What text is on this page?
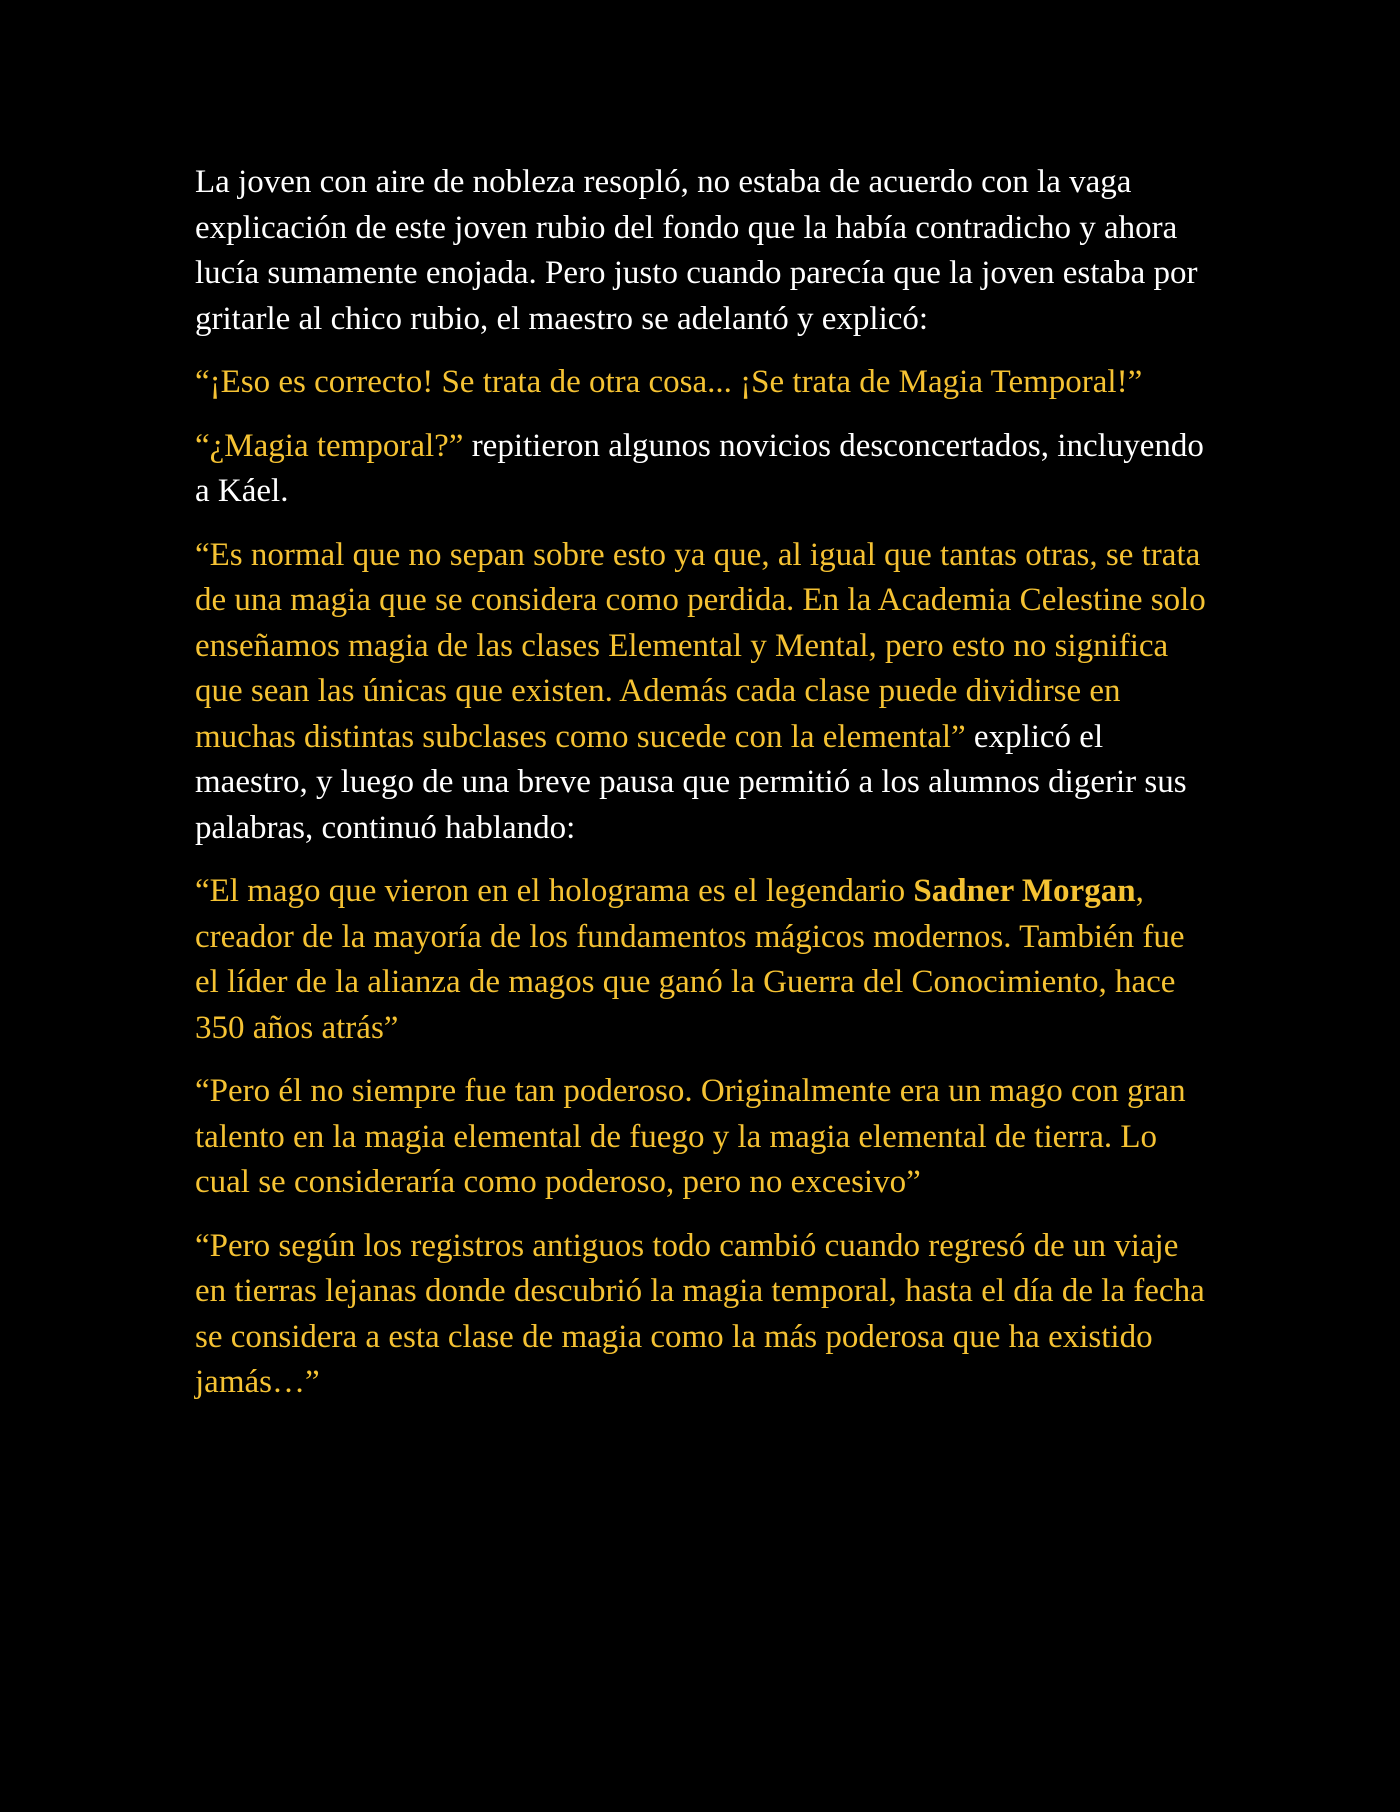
La joven con aire de nobleza resopló, no estaba de acuerdo con la vaga explicación de este joven rubio del fondo que la había contradicho y ahora lucía sumamente enojada. Pero justo cuando parecía que la joven estaba por gritarle al chico rubio, el maestro se adelantó y explicó:

“¡Eso es correcto! Se trata de otra cosa... ¡Se trata de Magia Temporal!”

“¿Magia temporal?” repitieron algunos novicios desconcertados, incluyendo a Káel.

“Es normal que no sepan sobre esto ya que, al igual que tantas otras, se trata de una magia que se considera como perdida. En la Academia Celestine solo enseñamos magia de las clases Elemental y Mental, pero esto no significa que sean las únicas que existen. Además cada clase puede dividirse en muchas distintas subclases como sucede con la elemental” explicó el maestro, y luego de una breve pausa que permitió a los alumnos digerir sus palabras, continuó hablando:

“El mago que vieron en el holograma es el legendario Sadner Morgan, creador de la mayoría de los fundamentos mágicos modernos. También fue el líder de la alianza de magos que ganó la Guerra del Conocimiento, hace 350 años atrás”

“Pero él no siempre fue tan poderoso. Originalmente era un mago con gran talento en la magia elemental de fuego y la magia elemental de tierra. Lo cual se consideraría como poderoso, pero no excesivo”

“Pero según los registros antiguos todo cambió cuando regresó de un viaje en tierras lejanas donde descubrió la magia temporal, hasta el día de la fecha se considera a esta clase de magia como la más poderosa que ha existido jamás…”
